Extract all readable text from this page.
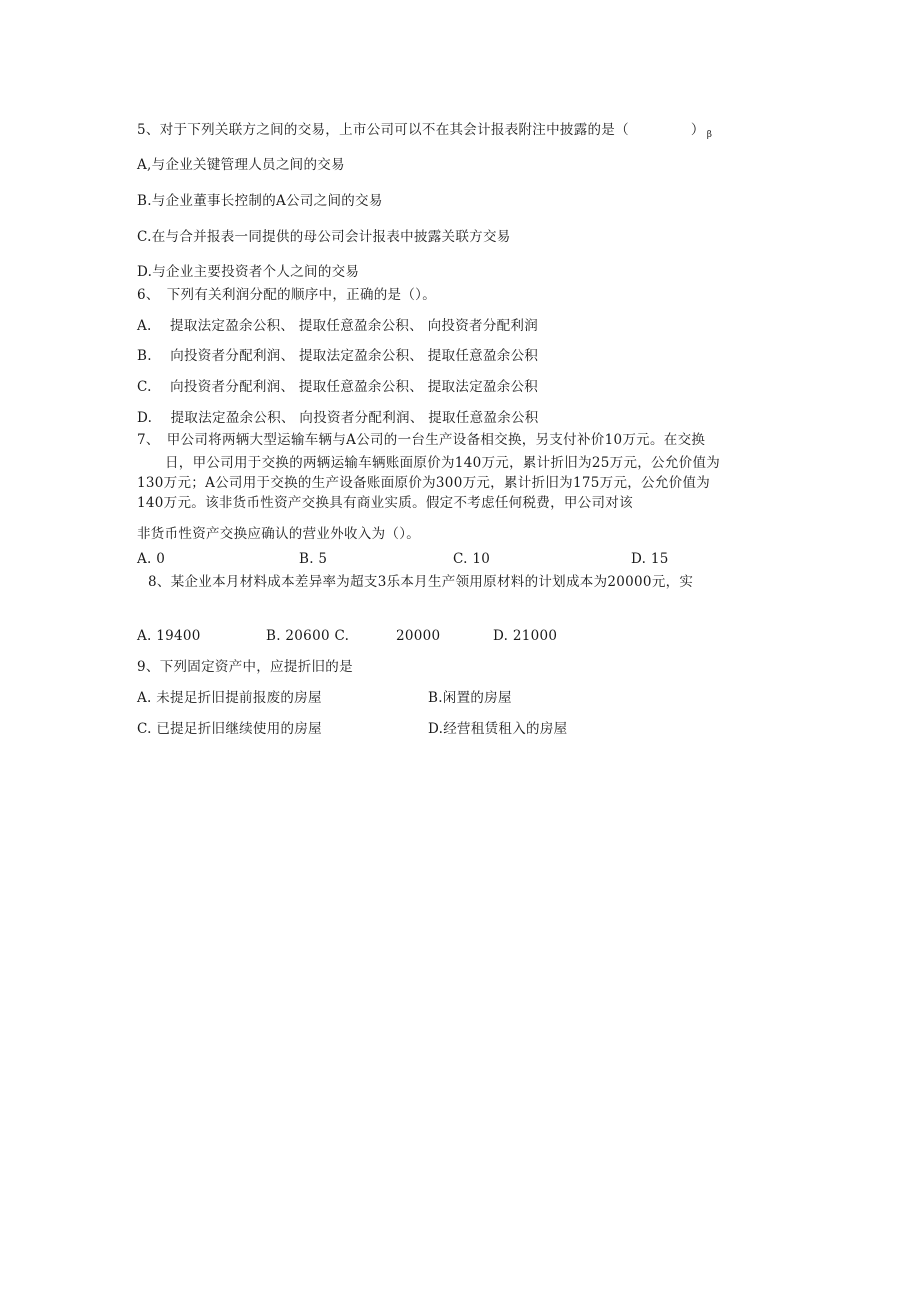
5、对于下列关联方之间的交易，上市公司可以不在其会计报表附注中披露的是（	） $_\beta$
A,与企业关键管理人员之间的交易
B.与企业董事长控制的A公司之间的交易
C.在与合并报表一同提供的母公司会计报表中披露关联方交易
D.与企业主要投资者个人之间的交易
6、　下列有关利润分配的顺序中，正确的是（）。
A.　 提取法定盈余公积、 提取任意盈余公积、 向投资者分配利润
B.　 向投资者分配利润、 提取法定盈余公积、 提取任意盈余公积
C.　 向投资者分配利润、 提取任意盈余公积、 提取法定盈余公积
D.　 提取法定盈余公积、 向投资者分配利润、 提取任意盈余公积
7、　甲公司将两辆大型运输车辆与A公司的一台生产设备相交换，另支付补价10万元。在交换
日，甲公司用于交换的两辆运输车辆账面原价为140万元，累计折旧为25万元，公允价值为
130万元；A公司用于交换的生产设备账面原价为300万元，累计折旧为175万元，公允价值为
140万元。该非货币性资产交换具有商业实质。假定不考虑任何税费，甲公司对该
非货币性资产交换应确认的营业外收入为（）。
A. 0	B. 5	C. 10	D. 15
8、某企业本月材料成本差异率为超支3乐本月生产领用原材料的计划成本为20000元，实
A. 19400	B. 20600 C.	20000	D. 21000
9、下列固定资产中，应提折旧的是
A. 未提足折旧提前报废的房屋	B.闲置的房屋
C. 已提足折旧继续使用的房屋	D.经营租赁租入的房屋
